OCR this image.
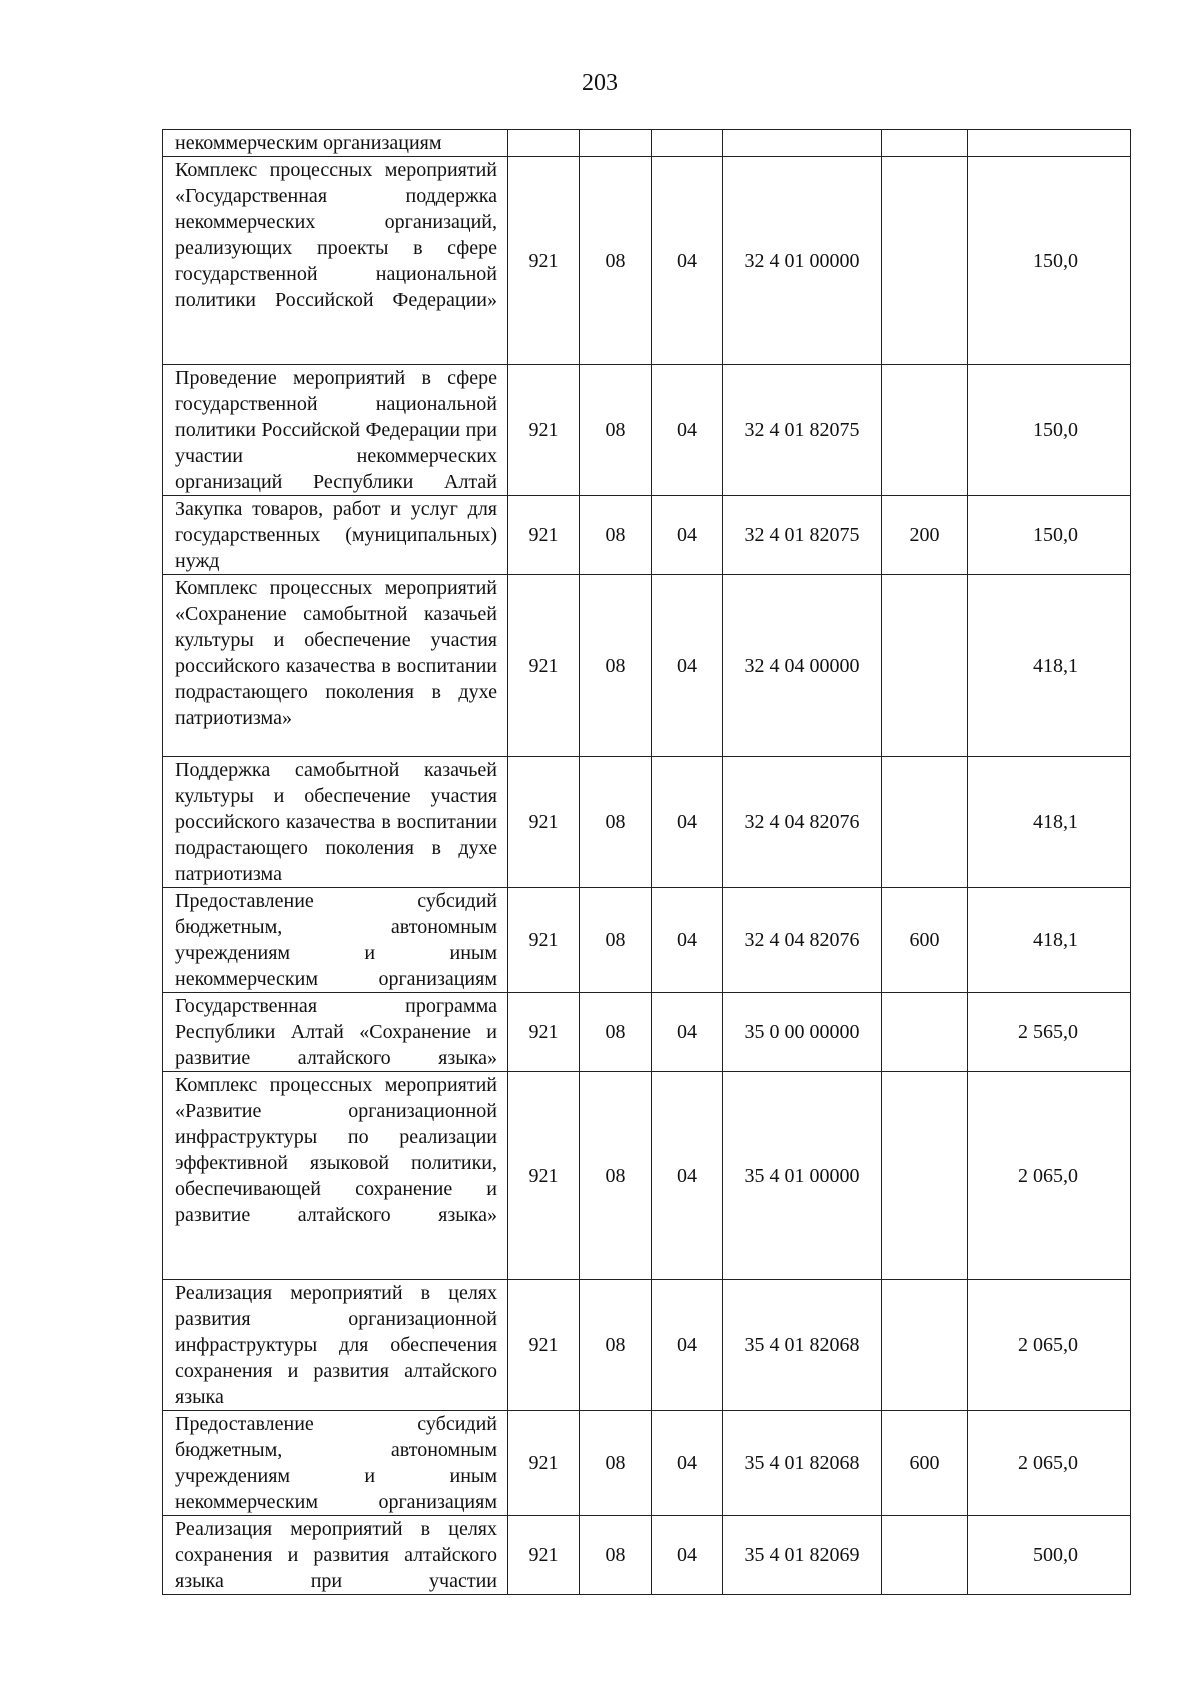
203
некоммерческим организациям						
Комплекс процессных мероприятий «Государственная поддержка некоммерческих организаций, реализующих проекты в сфере государственной национальной политики Российской Федерации»	921	08	04	32 4 01 00000		150,0
Проведение мероприятий в сфере государственной национальной политики Российской Федерации при участии некоммерческих организаций Республики Алтай	921	08	04	32 4 01 82075		150,0
Закупка товаров, работ и услуг для государственных (муниципальных) нужд	921	08	04	32 4 01 82075	200	150,0
Комплекс процессных мероприятий «Сохранение самобытной казачьей культуры и обеспечение участия российского казачества в воспитании подрастающего поколения в духе патриотизма»	921	08	04	32 4 04 00000		418,1
Поддержка самобытной казачьей культуры и обеспечение участия российского казачества в воспитании подрастающего поколения в духе патриотизма	921	08	04	32 4 04 82076		418,1
Предоставление субсидий бюджетным, автономным учреждениям и иным некоммерческим организациям	921	08	04	32 4 04 82076	600	418,1
Государственная программа Республики Алтай «Сохранение и развитие алтайского языка»	921	08	04	35 0 00 00000		2 565,0
Комплекс процессных мероприятий «Развитие организационной инфраструктуры по реализации эффективной языковой политики, обеспечивающей сохранение и развитие алтайского языка»	921	08	04	35 4 01 00000		2 065,0
Реализация мероприятий в целях развития организационной инфраструктуры для обеспечения сохранения и развития алтайского языка	921	08	04	35 4 01 82068		2 065,0
Предоставление субсидий бюджетным, автономным учреждениям и иным некоммерческим организациям	921	08	04	35 4 01 82068	600	2 065,0
Реализация мероприятий в целях сохранения и развития алтайского языка при участии	921	08	04	35 4 01 82069		500,0
